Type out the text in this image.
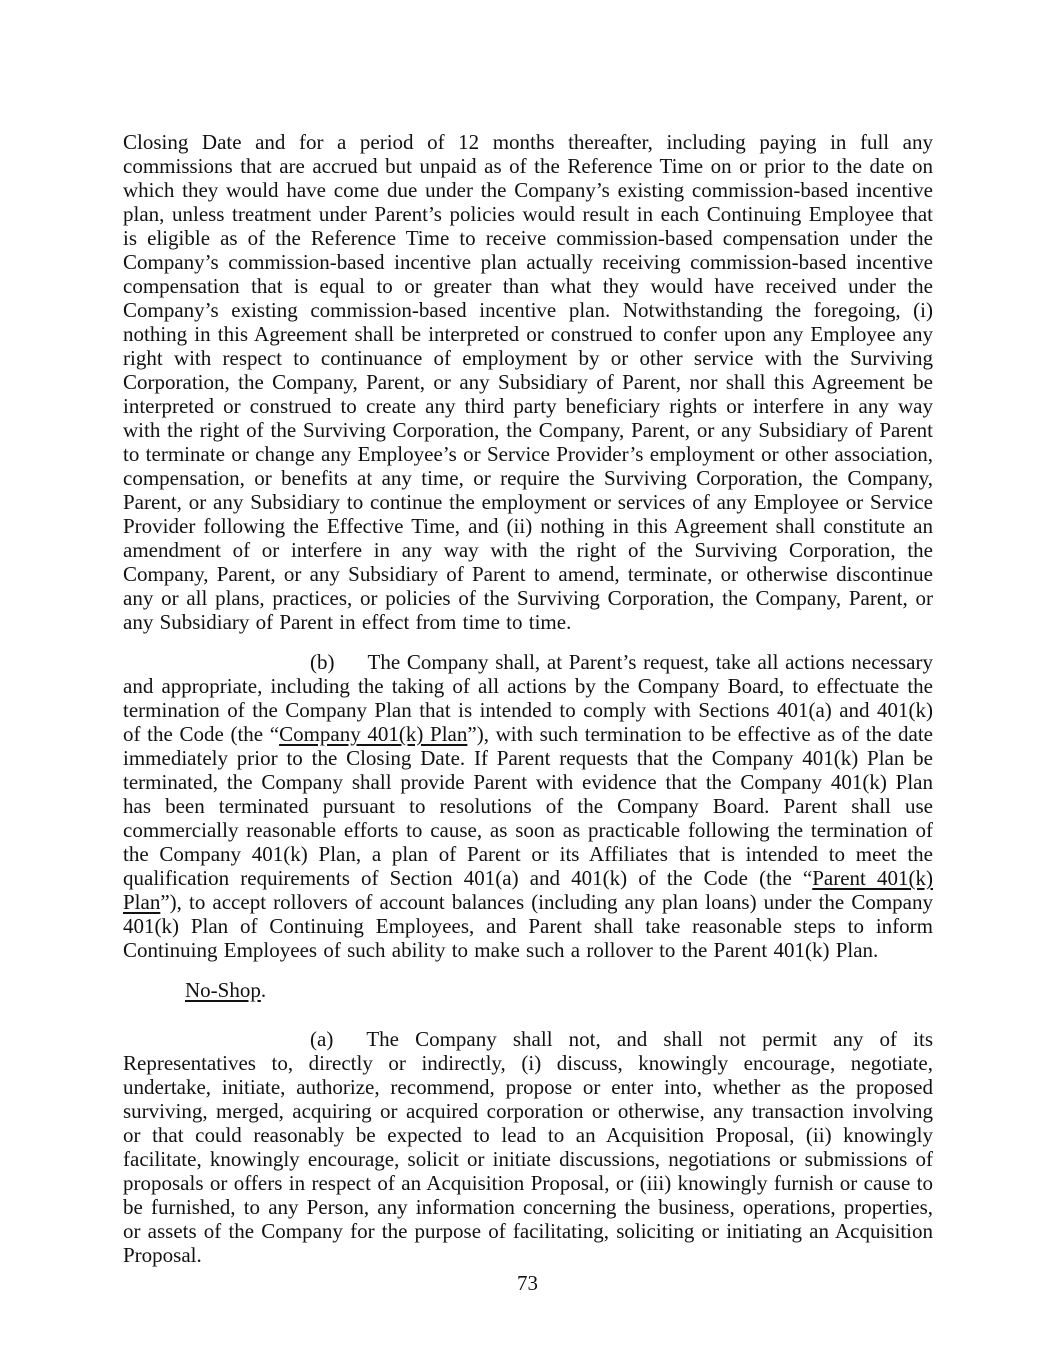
Closing Date and for a period of 12 months thereafter, including paying in full any commissions that are accrued but unpaid as of the Reference Time on or prior to the date on which they would have come due under the Company’s existing commission-based incentive plan, unless treatment under Parent’s policies would result in each Continuing Employee that is eligible as of the Reference Time to receive commission-based compensation under the Company’s commission-based incentive plan actually receiving commission-based incentive compensation that is equal to or greater than what they would have received under the Company’s existing commission-based incentive plan. Notwithstanding the foregoing, (i) nothing in this Agreement shall be interpreted or construed to confer upon any Employee any right with respect to continuance of employment by or other service with the Surviving Corporation, the Company, Parent, or any Subsidiary of Parent, nor shall this Agreement be interpreted or construed to create any third party beneficiary rights or interfere in any way with the right of the Surviving Corporation, the Company, Parent, or any Subsidiary of Parent to terminate or change any Employee’s or Service Provider’s employment or other association, compensation, or benefits at any time, or require the Surviving Corporation, the Company, Parent, or any Subsidiary to continue the employment or services of any Employee or Service Provider following the Effective Time, and (ii) nothing in this Agreement shall constitute an amendment of or interfere in any way with the right of the Surviving Corporation, the Company, Parent, or any Subsidiary of Parent to amend, terminate, or otherwise discontinue any or all plans, practices, or policies of the Surviving Corporation, the Company, Parent, or any Subsidiary of Parent in effect from time to time.

(b) The Company shall, at Parent’s request, take all actions necessary and appropriate, including the taking of all actions by the Company Board, to effectuate the termination of the Company Plan that is intended to comply with Sections 401(a) and 401(k) of the Code (the “Company 401(k) Plan”), with such termination to be effective as of the date immediately prior to the Closing Date. If Parent requests that the Company 401(k) Plan be terminated, the Company shall provide Parent with evidence that the Company 401(k) Plan has been terminated pursuant to resolutions of the Company Board. Parent shall use commercially reasonable efforts to cause, as soon as practicable following the termination of the Company 401(k) Plan, a plan of Parent or its Affiliates that is intended to meet the qualification requirements of Section 401(a) and 401(k) of the Code (the “Parent 401(k) Plan”), to accept rollovers of account balances (including any plan loans) under the Company 401(k) Plan of Continuing Employees, and Parent shall take reasonable steps to inform Continuing Employees of such ability to make such a rollover to the Parent 401(k) Plan.

No-Shop.

(a) The Company shall not, and shall not permit any of its Representatives to, directly or indirectly, (i) discuss, knowingly encourage, negotiate, undertake, initiate, authorize, recommend, propose or enter into, whether as the proposed surviving, merged, acquiring or acquired corporation or otherwise, any transaction involving or that could reasonably be expected to lead to an Acquisition Proposal, (ii) knowingly facilitate, knowingly encourage, solicit or initiate discussions, negotiations or submissions of proposals or offers in respect of an Acquisition Proposal, or (iii) knowingly furnish or cause to be furnished, to any Person, any information concerning the business, operations, properties, or assets of the Company for the purpose of facilitating, soliciting or initiating an Acquisition Proposal.

73
